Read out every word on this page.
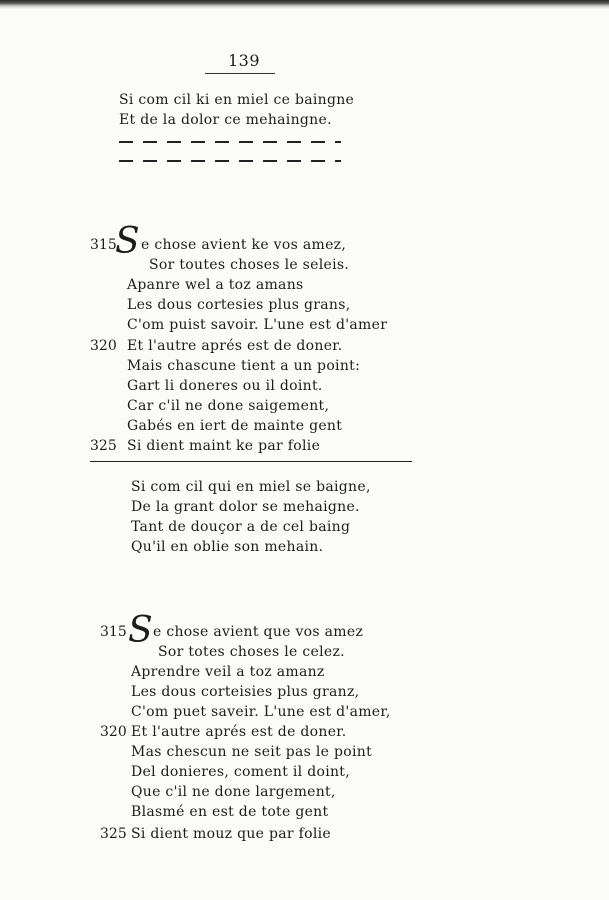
139
Si com cil ki en miel ce baingne
Et de la dolor ce mehaingne.
S
315 e chose avient ke vos amez,
Sor toutes choses le seleis.
Apanre wel a toz amans
Les dous cortesies plus grans,
C'om puist savoir. L'une est d'amer
320 Et l'autre aprés est de doner.
Mais chascune tient a un point:
Gart li doneres ou il doint.
Car c'il ne done saigement,
Gabés en iert de mainte gent
325 Si dient maint ke par folie
Si com cil qui en miel se baigne,
De la grant dolor se mehaigne.
Tant de douçor a de cel baing
Qu'il en oblie son mehain.
S
315 e chose avient que vos amez
Sor totes choses le celez.
Aprendre veil a toz amanz
Les dous corteisies plus granz,
C'om puet saveir. L'une est d'amer,
320 Et l'autre aprés est de doner.
Mas chescun ne seit pas le point
Del donieres, coment il doint,
Que c'il ne done largement,
Blasmé en est de tote gent
325 Si dient mouz que par folie
